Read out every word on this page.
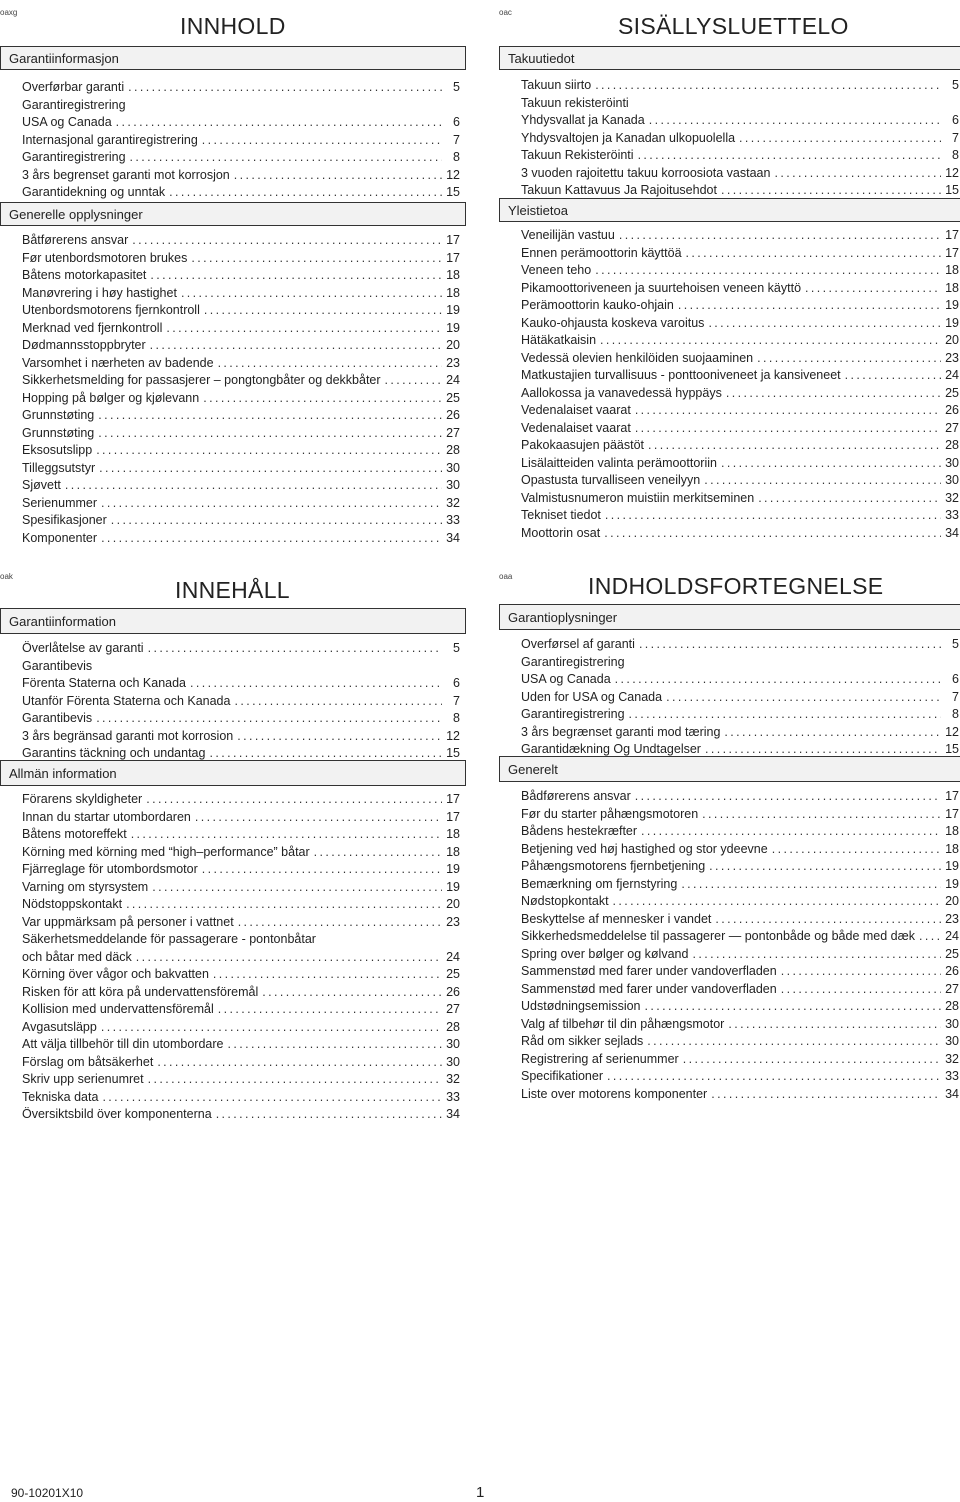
oaxg
INNHOLD
Garantiinformasjon
Overførbar garanti .....	5
Garantiregistrering
USA og Canada .....	6
Internasjonal garantiregistrering .....	7
Garantiregistrering .....	8
3 års begrenset garanti mot korrosjon .....	12
Garantidekning og unntak .....	15
Generelle opplysninger
Båtførerens ansvar .....	17
Før utenbordsmotoren brukes .....	17
Båtens motorkapasitet .....	18
Manøvrering i høy hastighet .....	18
Utenbordsmotorens fjernkontroll .....	19
Merknad ved fjernkontroll .....	19
Dødmannsstoppbryter .....	20
Varsomhet i nærheten av badende .....	23
Sikkerhetsmelding for passasjerer – pongtongbåter og dekkbåter .....	24
Hopping på bølger og kjølevann .....	25
Grunnstøting .....	26
Grunnstøting .....	27
Eksosutslipp .....	28
Tilleggsutstyr .....	30
Sjøvett .....	30
Serienummer .....	32
Spesifikasjoner .....	33
Komponenter .....	34
oac
SISÄLLYSLUETTELO
Takuutiedot
Takuun siirto .....	5
Takuun rekisteröinti
Yhdysvallat ja Kanada .....	6
Yhdysvaltojen ja Kanadan ulkopuolella .....	7
Takuun Rekisteröinti .....	8
3 vuoden rajoitettu takuu korroosiota vastaan .....	12
Takuun Kattavuus Ja Rajoitusehdot .....	15
Yleistietoa
Veneilijän vastuu .....	17
Ennen perämoottorin käyttöä .....	17
Veneen teho .....	18
Pikamoottoriveneen ja suurtehoisen veneen käyttö .....	18
Perämoottorin kauko-ohjain .....	19
Kauko-ohjausta koskeva varoitus .....	19
Hätäkatkaisin .....	20
Vedessä olevien henkilöiden suojaaminen .....	23
Matkustajien turvallisuus - ponttooniveneet ja kansiveneet .....	24
Aallokossa ja vanavedessä hyppäys .....	25
Vedenalaiset vaarat .....	26
Vedenalaiset vaarat .....	27
Pakokaasujen päästöt .....	28
Lisälaitteiden valinta perämoottoriin .....	30
Opastusta turvalliseen veneilyyn .....	30
Valmistusnumeron muistiin merkitseminen .....	32
Tekniset tiedot .....	33
Moottorin osat .....	34
oak
INNEHÅLL
Garantiinformation
Överlåtelse av garanti .....	5
Garantibevis
Förenta Staterna och Kanada .....	6
Utanför Förenta Staterna och Kanada .....	7
Garantibevis .....	8
3 års begränsad garanti mot korrosion .....	12
Garantins täckning och undantag .....	15
Allmän information
Förarens skyldigheter .....	17
Innan du startar utombordaren .....	17
Båtens motoreffekt .....	18
Körning med körning med “high–performance” båtar .....	18
Fjärreglage för utombordsmotor .....	19
Varning om styrsystem .....	19
Nödstoppskontakt .....	20
Var uppmärksam på personer i vattnet .....	23
Säkerhetsmeddelande för passagerare - pontonbåtar
och båtar med däck .....	24
Körning över vågor och bakvatten .....	25
Risken för att köra på undervattensföremål .....	26
Kollision med undervattensföremål .....	27
Avgasutsläpp .....	28
Att välja tillbehör till din utombordare .....	30
Förslag om båtsäkerhet .....	30
Skriv upp serienumret .....	32
Tekniska data .....	33
Översiktsbild över komponenterna .....	34
oaa	INDHOLDSFORTEGNELSE
Garantioplysninger
Overførsel af garanti .....	5
Garantiregistrering
USA og Canada .....	6
Uden for USA og Canada .....	7
Garantiregistrering .....	8
3 års begrænset garanti mod tæring .....	12
Garantidækning Og Undtagelser .....	15
Generelt
Bådførerens ansvar .....	17
Før du starter påhængsmotoren .....	17
Bådens hestekræfter .....	18
Betjening ved høj hastighed og stor ydeevne .....	18
Påhængsmotorens fjernbetjening .....	19
Bemærkning om fjernstyring .....	19
Nødstopkontakt .....	20
Beskyttelse af mennesker i vandet .....	23
Sikkerhedsmeddelelse til passagerer — pontonbåde og både med dæk ..... 24
Spring over bølger og kølvand .....	25
Sammenstød med farer under vandoverfladen .....	26
Sammenstød med farer under vandoverfladen .....	27
Udstødningsemission .....	28
Valg af tilbehør til din påhængsmotor .....	30
Råd om sikker sejlads .....	30
Registrering af serienummer .....	32
Specifikationer .....	33
Liste over motorens komponenter .....	34
90-10201X10	1
